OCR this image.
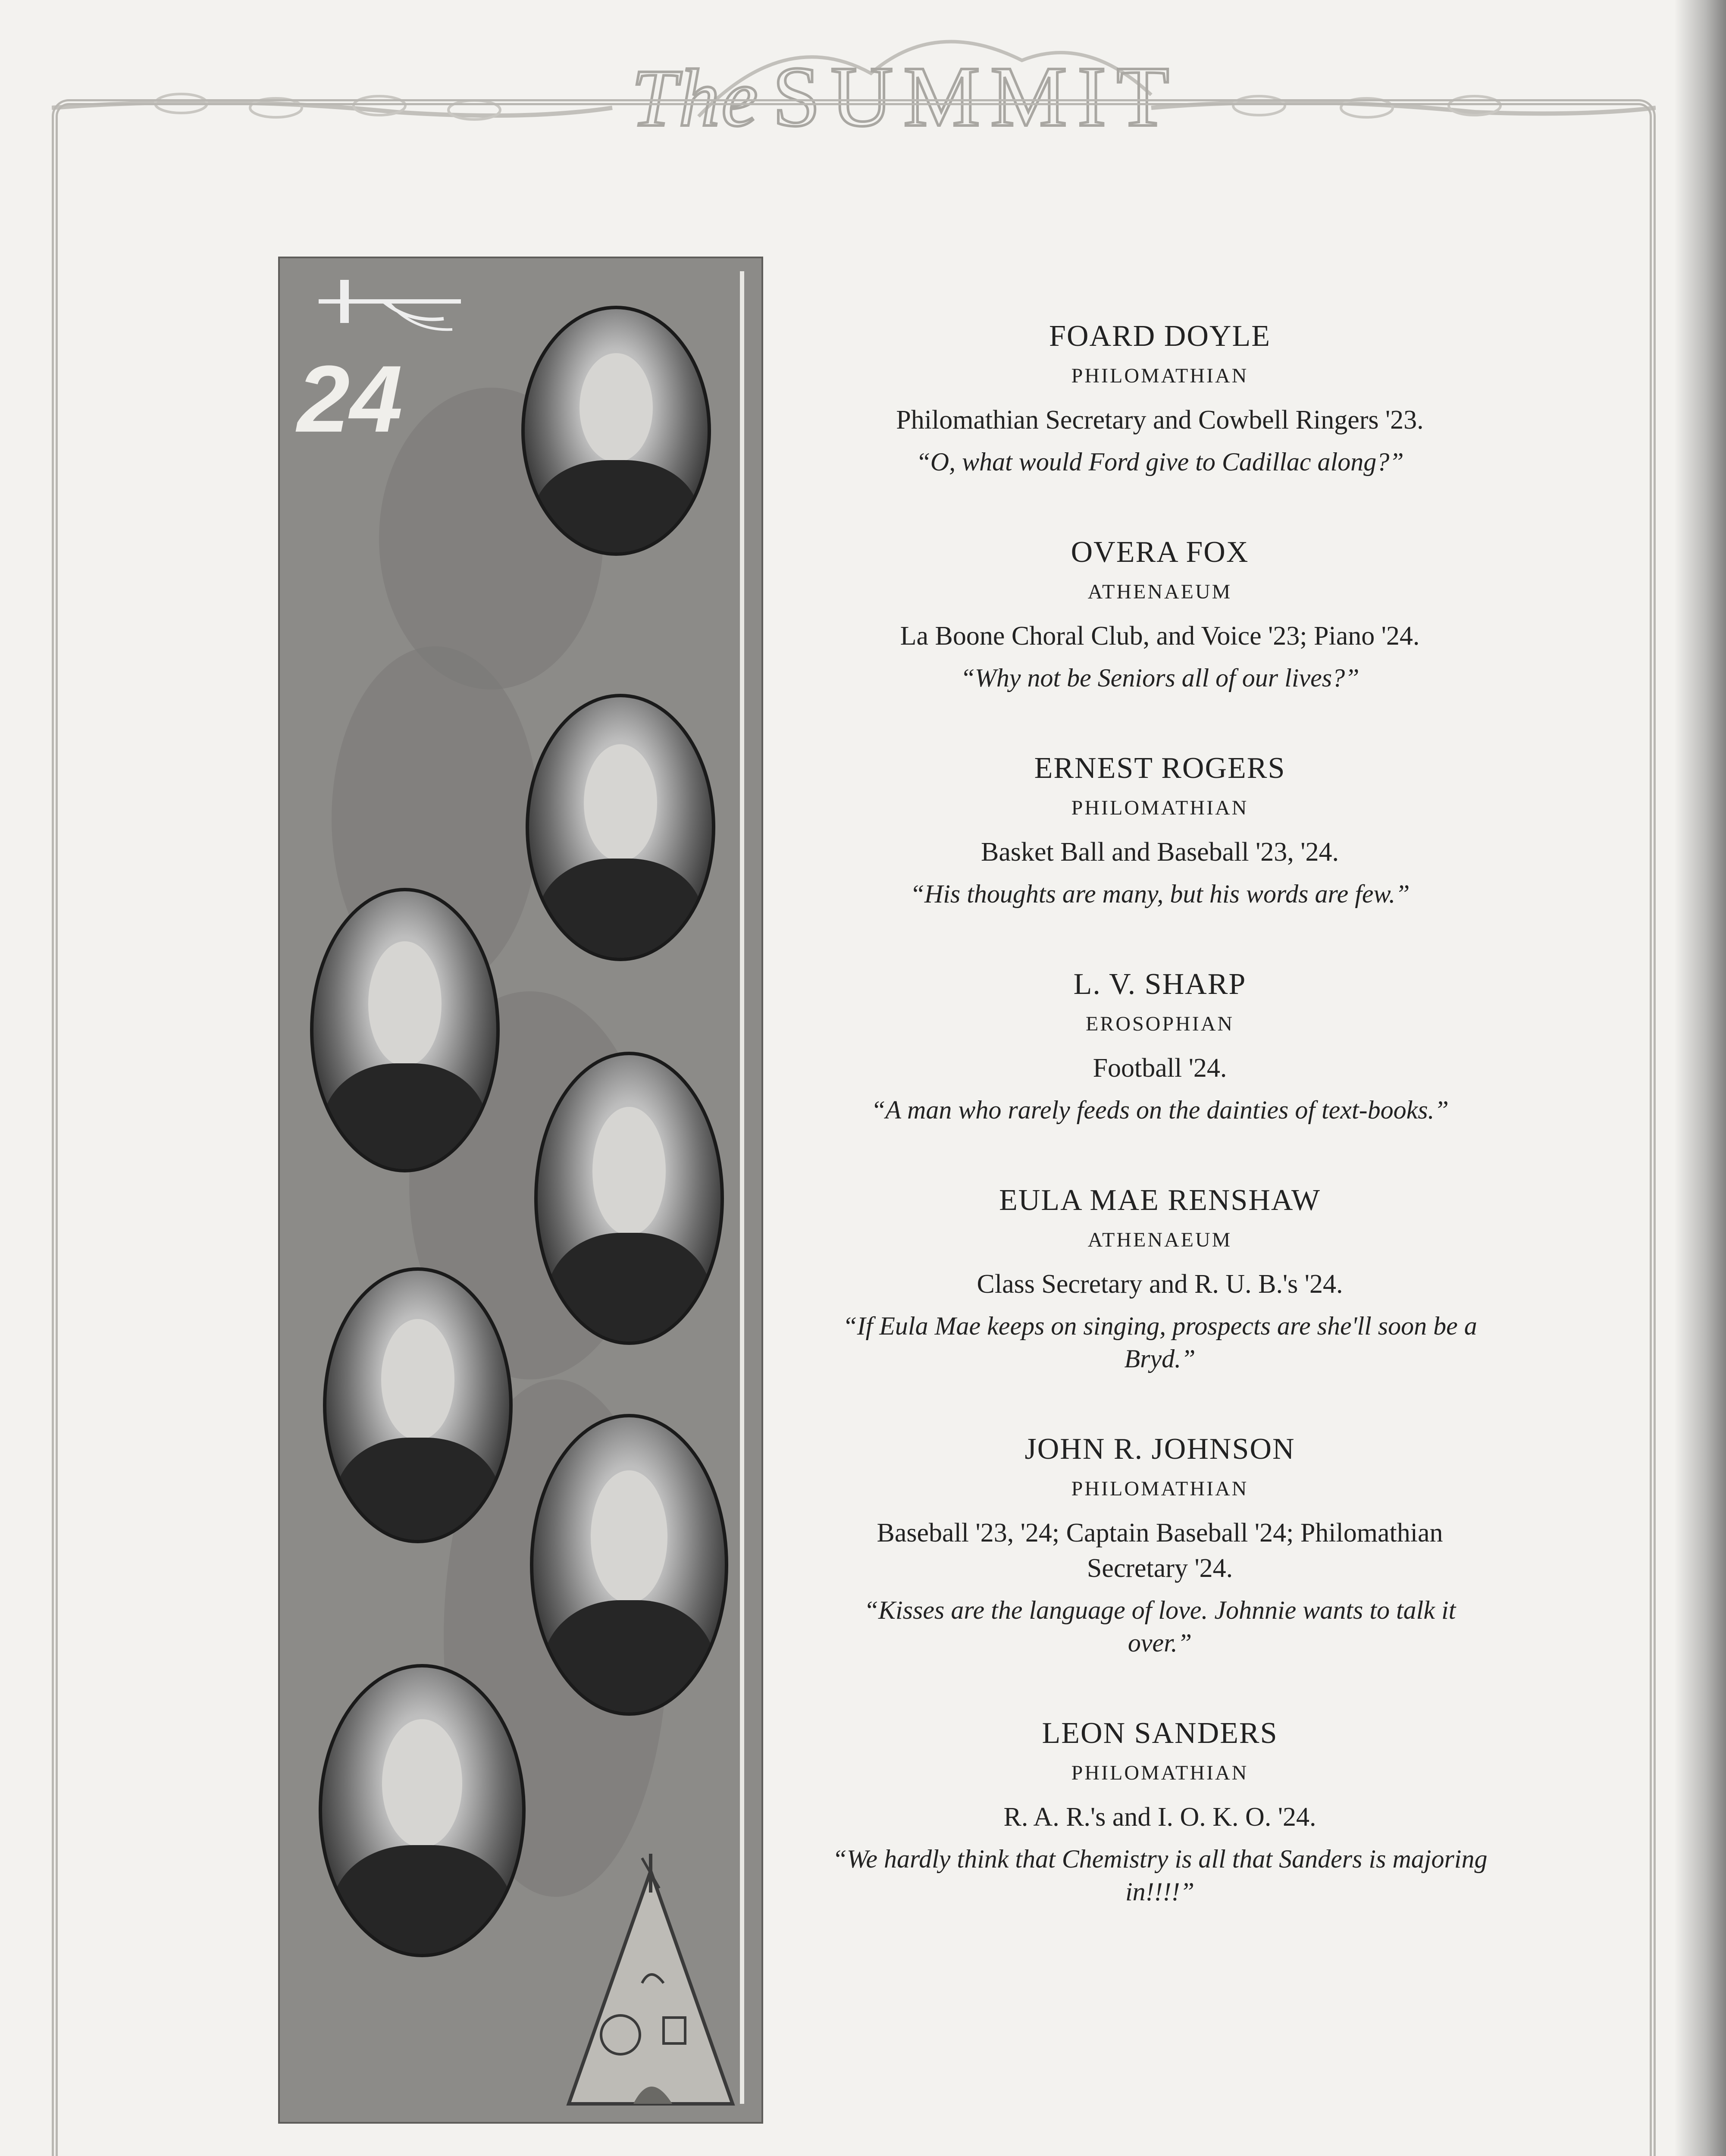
The SUMMIT
24
FOARD DOYLE
PHILOMATHIAN
Philomathian Secretary and Cowbell Ringers '23.
“O, what would Ford give to Cadillac along?”
OVERA FOX
ATHENAEUM
La Boone Choral Club, and Voice '23; Piano '24.
“Why not be Seniors all of our lives?”
ERNEST ROGERS
PHILOMATHIAN
Basket Ball and Baseball '23, '24.
“His thoughts are many, but his words are few.”
L. V. SHARP
EROSOPHIAN
Football '24.
“A man who rarely feeds on the dainties of text-books.”
EULA MAE RENSHAW
ATHENAEUM
Class Secretary and R. U. B.'s '24.
“If Eula Mae keeps on singing, prospects are she'll soon be a Bryd.”
JOHN R. JOHNSON
PHILOMATHIAN
Baseball '23, '24; Captain Baseball '24; Philomathian Secretary '24.
“Kisses are the language of love. Johnnie wants to talk it over.”
LEON SANDERS
PHILOMATHIAN
R. A. R.'s and I. O. K. O. '24.
“We hardly think that Chemistry is all that Sanders is majoring in!!!!”
